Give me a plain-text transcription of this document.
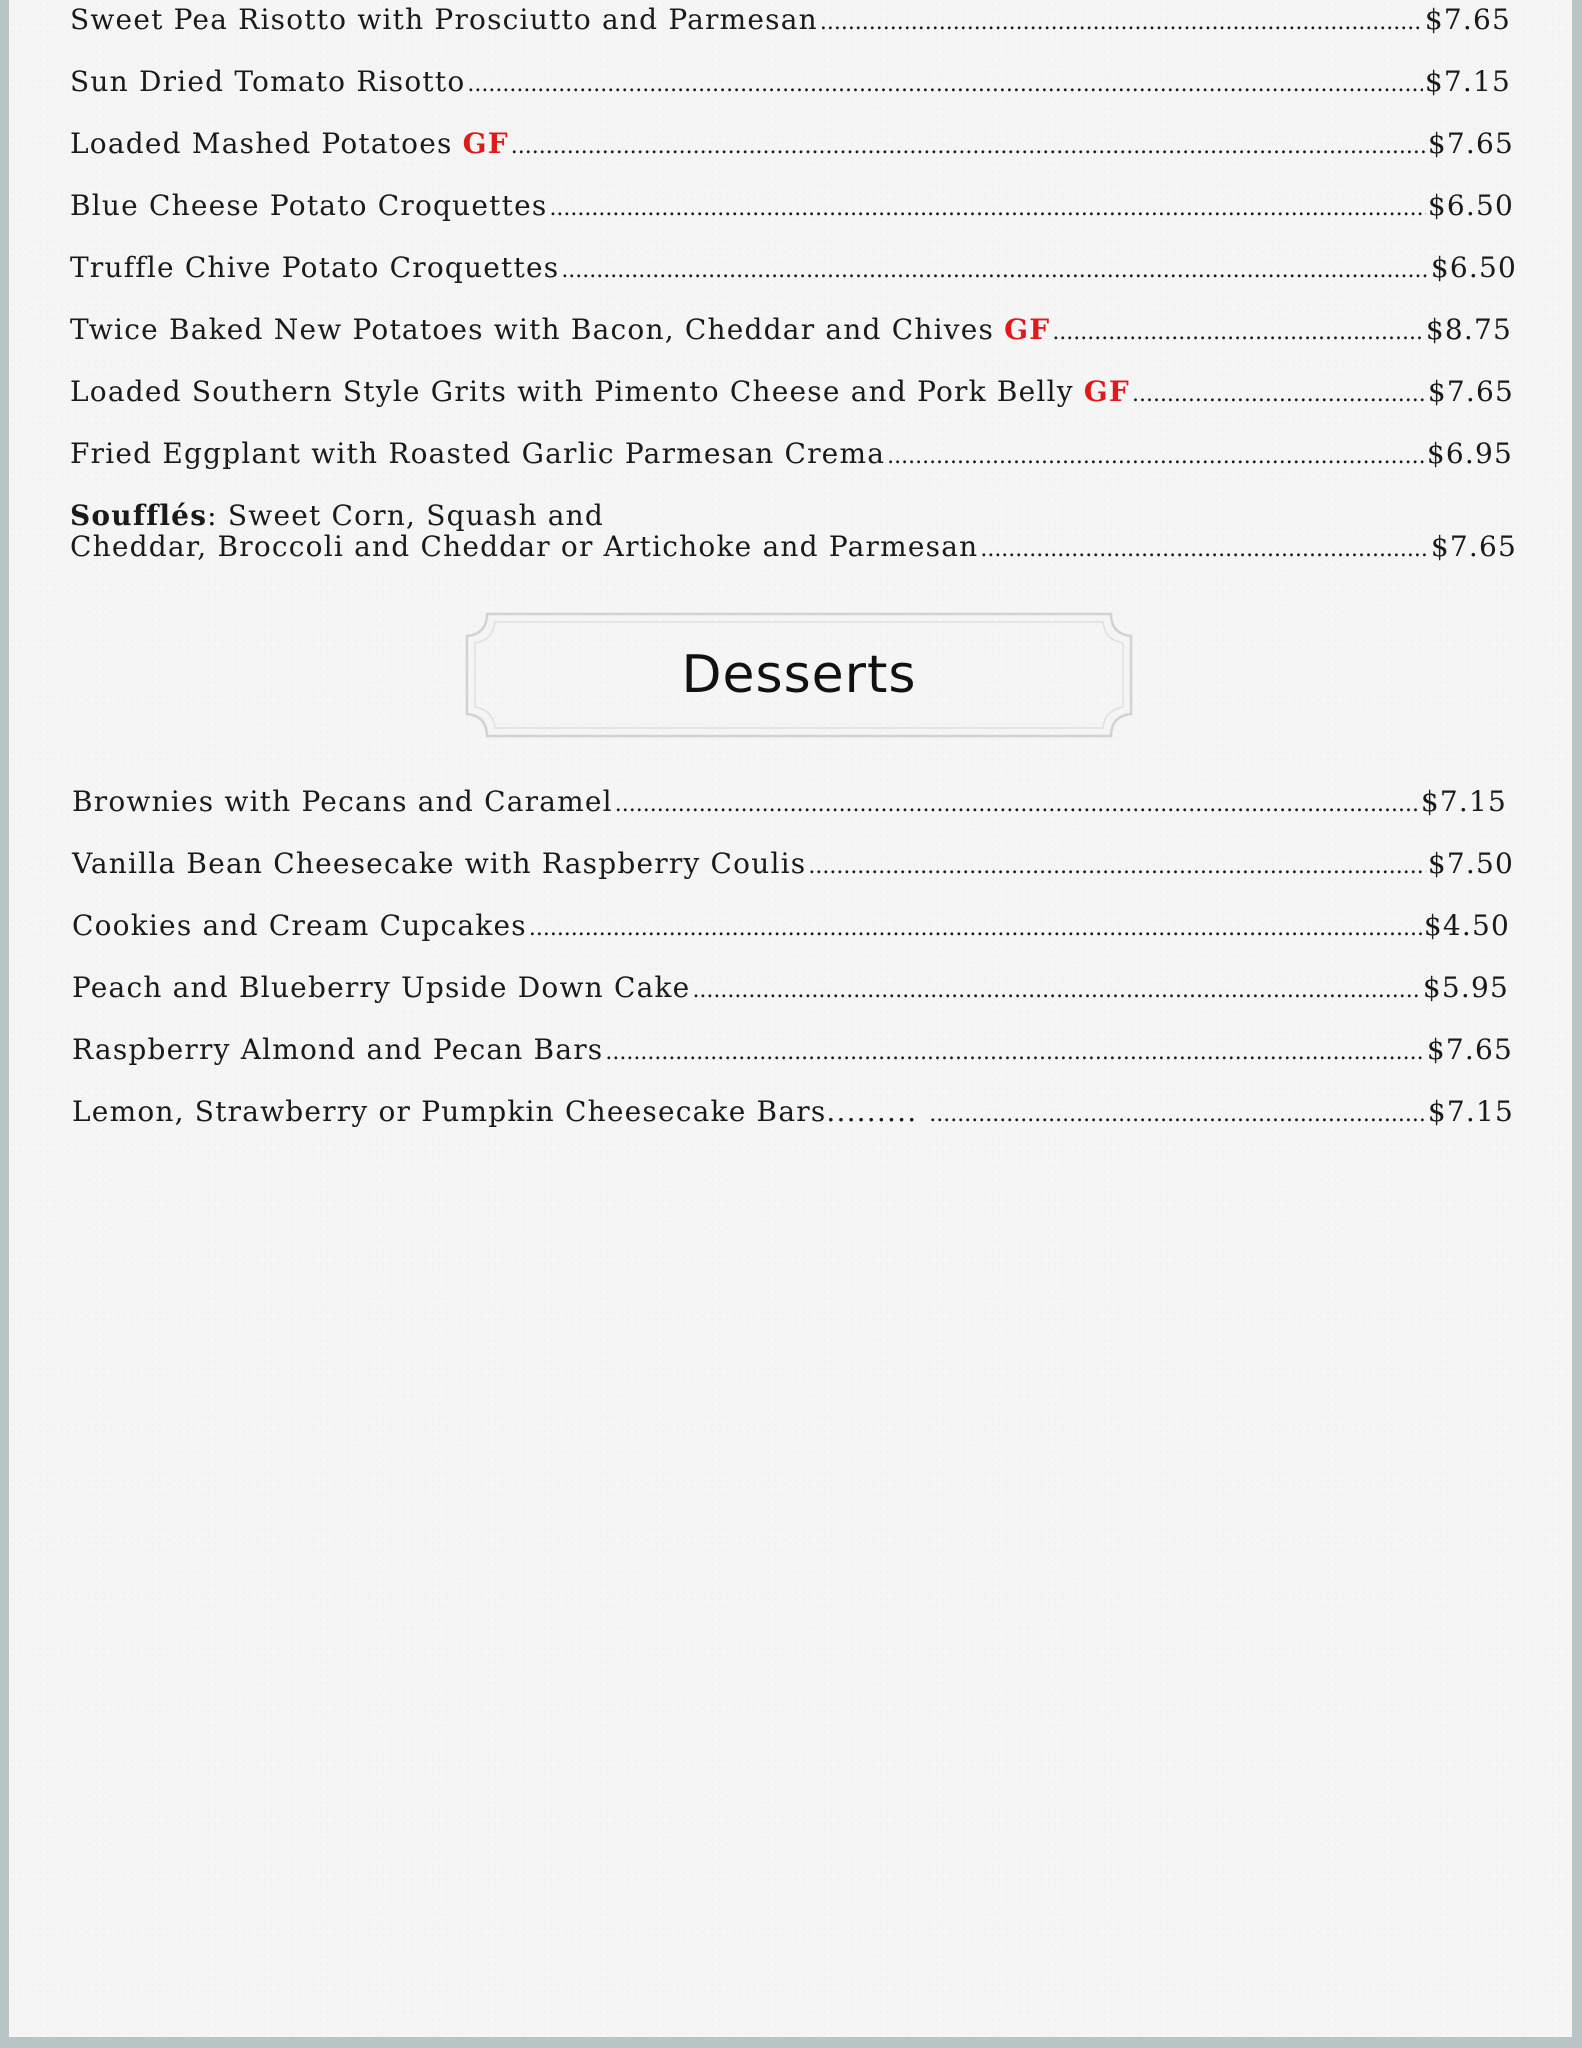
Sweet Pea Risotto with Prosciutto and Parmesan .....	$7.65
Sun Dried Tomato Risotto .....	$7.15
Loaded Mashed Potatoes GF .....	$7.65
Blue Cheese Potato Croquettes .....	$6.50
Truffle Chive Potato Croquettes .....	$6.50
Twice Baked New Potatoes with Bacon, Cheddar and Chives GF .....	$8.75
Loaded Southern Style Grits with Pimento Cheese and Pork Belly GF .....	$7.65
Fried Eggplant with Roasted Garlic Parmesan Crema .....	$6.95
Soufflés: Sweet Corn, Squash and
Cheddar, Broccoli and Cheddar or Artichoke and Parmesan .....	$7.65
Desserts
Brownies with Pecans and Caramel .....	$7.15
Vanilla Bean Cheesecake with Raspberry Coulis .....	$7.50
Cookies and Cream Cupcakes .....	$4.50
Peach and Blueberry Upside Down Cake .....	$5.95
Raspberry Almond and Pecan Bars .....	$7.65
Lemon, Strawberry or Pumpkin Cheesecake Bars......... .....	$7.15
